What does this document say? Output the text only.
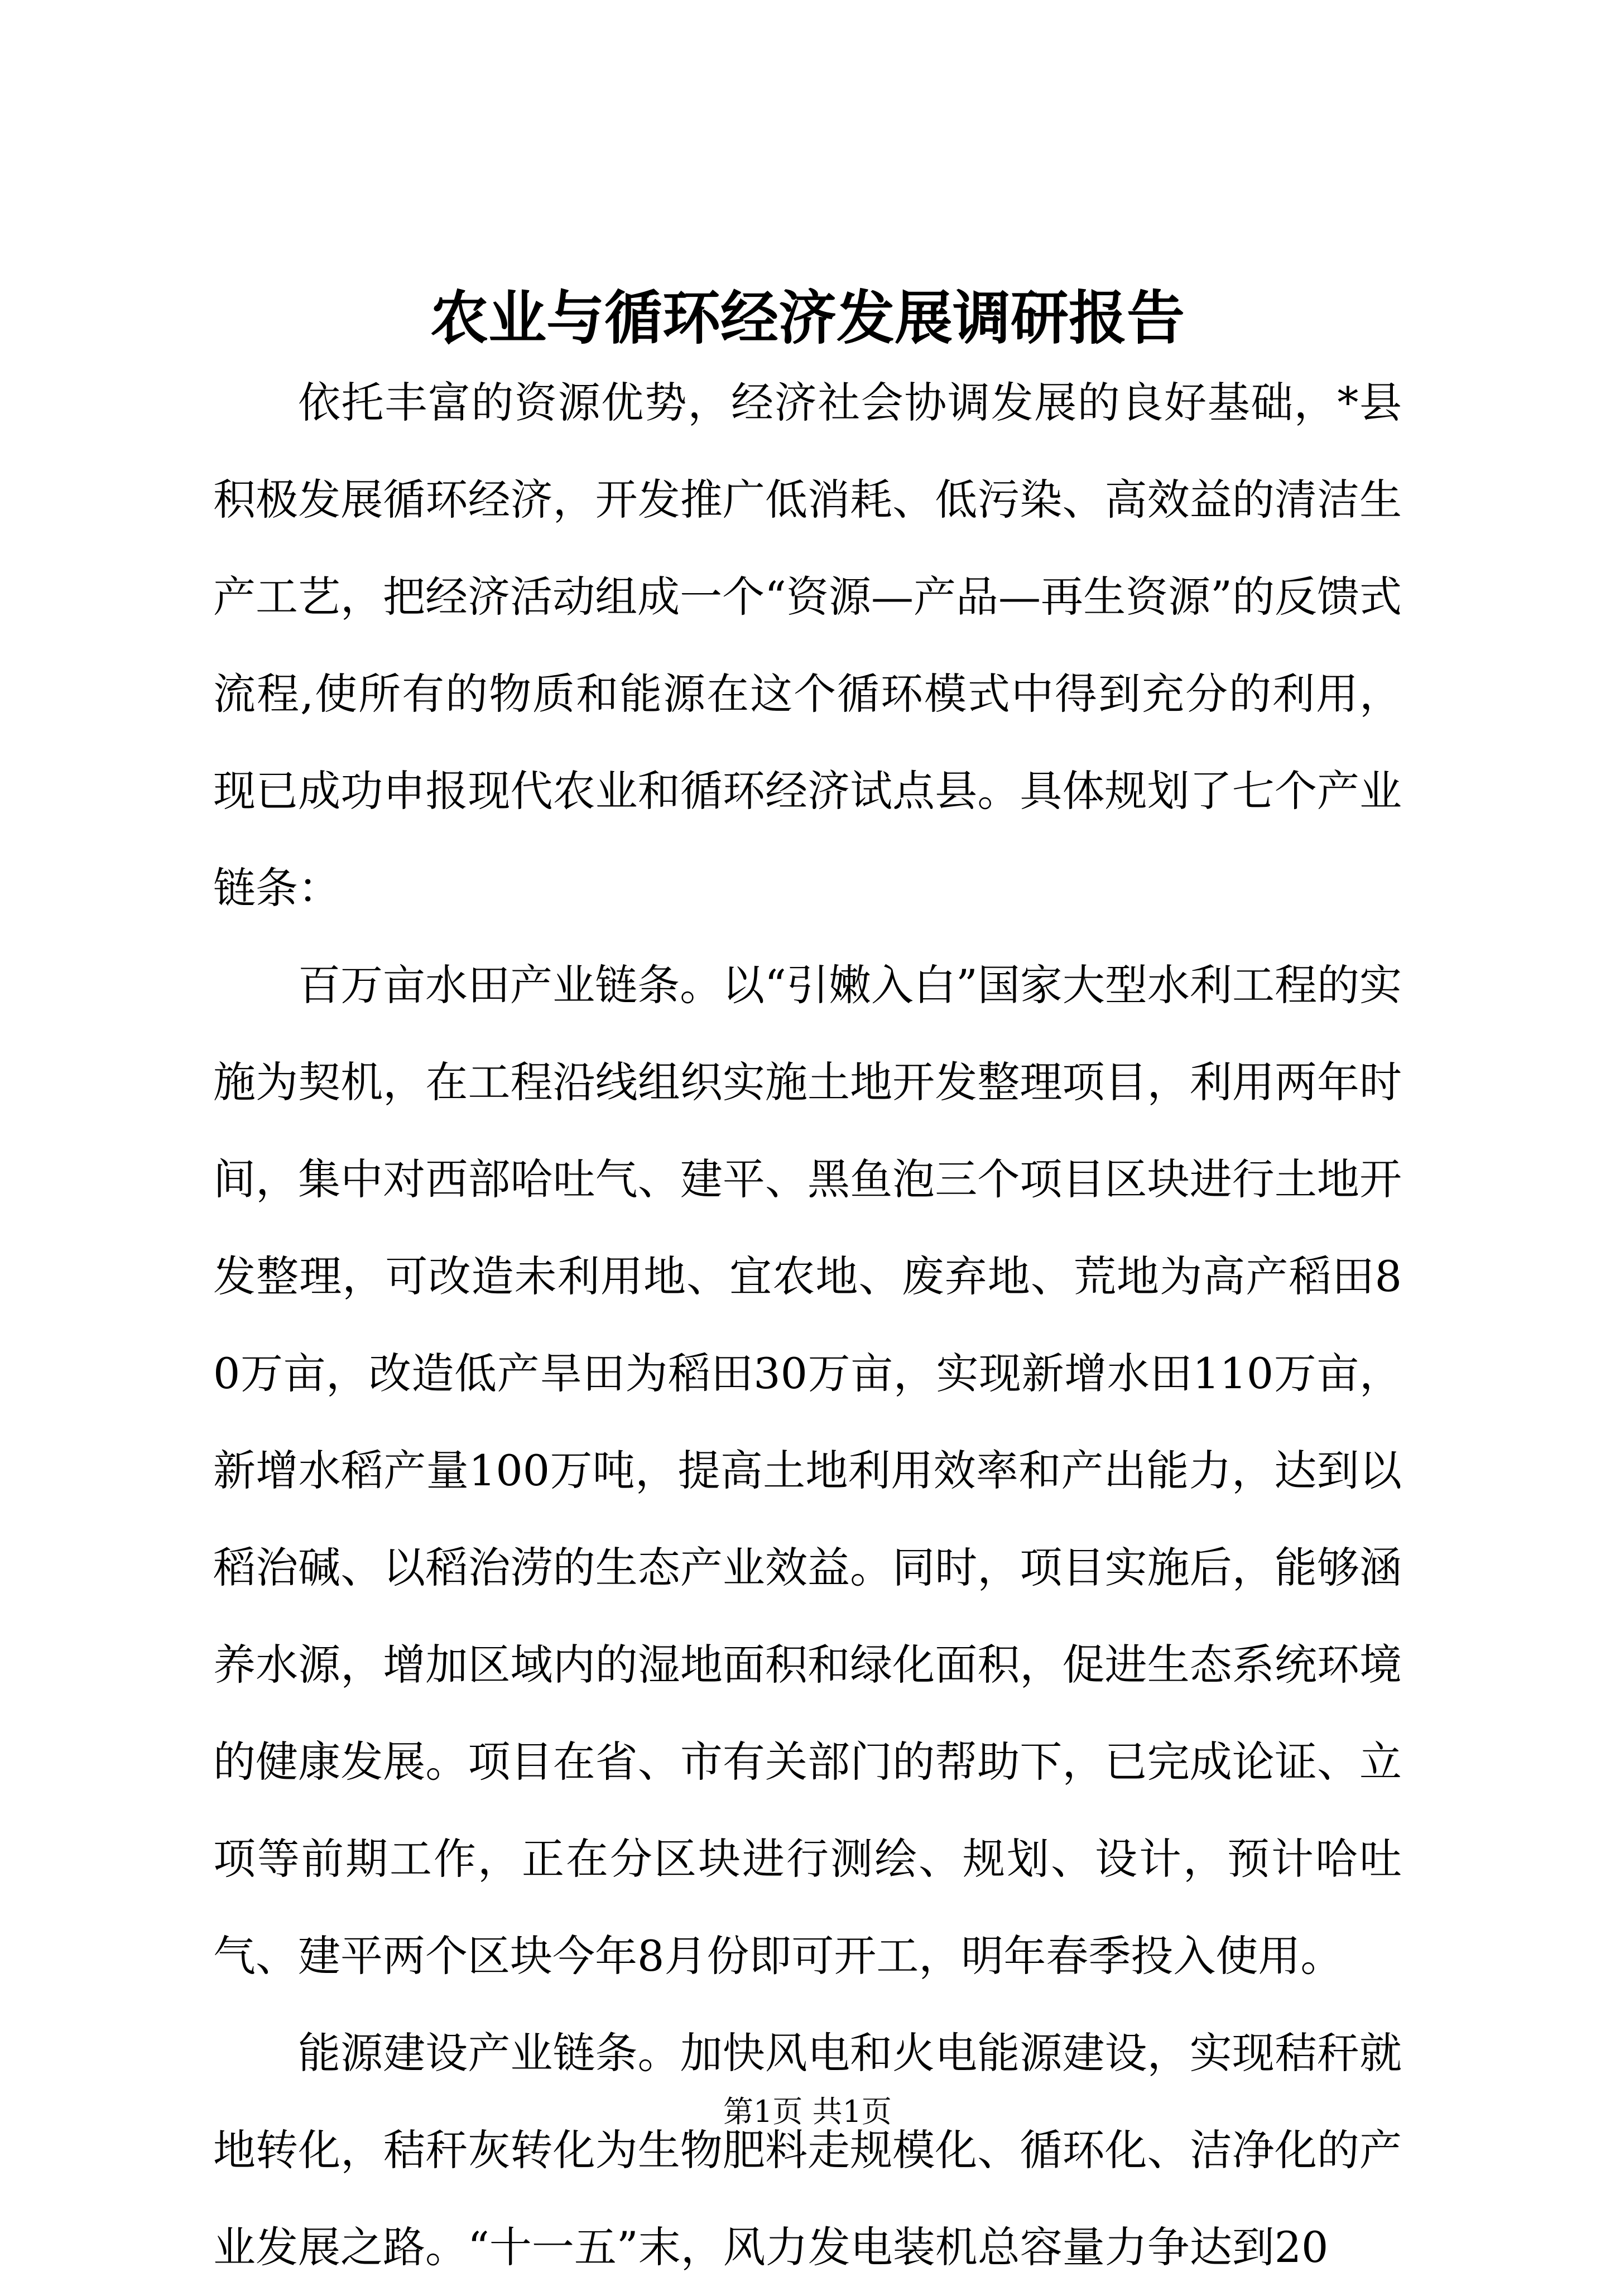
农业与循环经济发展调研报告

依托丰富的资源优势，经济社会协调发展的良好基础，*县积极发展循环经济，开发推广低消耗、低污染、高效益的清洁生产工艺，把经济活动组成一个“资源—产品—再生资源”的反馈式流程,使所有的物质和能源在这个循环模式中得到充分的利用，现已成功申报现代农业和循环经济试点县。具体规划了七个产业链条：

百万亩水田产业链条。以“引嫩入白”国家大型水利工程的实施为契机，在工程沿线组织实施土地开发整理项目，利用两年时间，集中对西部哈吐气、建平、黑鱼泡三个项目区块进行土地开发整理，可改造未利用地、宜农地、废弃地、荒地为高产稻田80万亩，改造低产旱田为稻田30万亩，实现新增水田110万亩，新增水稻产量100万吨，提高土地利用效率和产出能力，达到以稻治碱、以稻治涝的生态产业效益。同时，项目实施后，能够涵养水源，增加区域内的湿地面积和绿化面积，促进生态系统环境的健康发展。项目在省、市有关部门的帮助下，已完成论证、立项等前期工作，正在分区块进行测绘、规划、设计，预计哈吐气、建平两个区块今年8月份即可开工，明年春季投入使用。

能源建设产业链条。加快风电和火电能源建设，实现秸秆就地转化，秸秆灰转化为生物肥料走规模化、循环化、洁净化的产业发展之路。“十一五”末，风力发电装机总容量力争达到20

第1页 共1页
